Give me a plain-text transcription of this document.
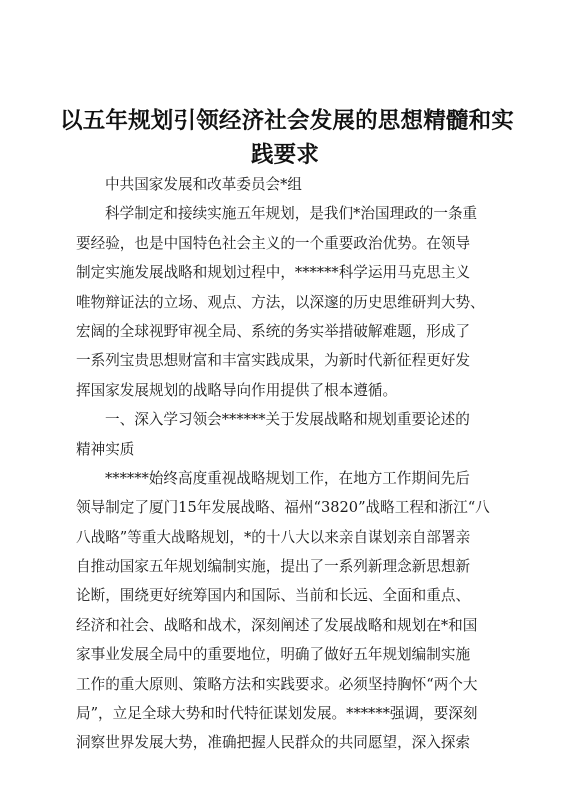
以五年规划引领经济社会发展的思想精髓和实
践要求
中共国家发展和改革委员会*组
科学制定和接续实施五年规划，是我们*治国理政的一条重
要经验，也是中国特色社会主义的一个重要政治优势。在领导
制定实施发展战略和规划过程中，******科学运用马克思主义
唯物辩证法的立场、观点、方法，以深邃的历史思维研判大势、
宏阔的全球视野审视全局、系统的务实举措破解难题，形成了
一系列宝贵思想财富和丰富实践成果，为新时代新征程更好发
挥国家发展规划的战略导向作用提供了根本遵循。
一、深入学习领会******关于发展战略和规划重要论述的
精神实质
******始终高度重视战略规划工作，在地方工作期间先后
领导制定了厦门15年发展战略、福州“3820”战略工程和浙江“八
八战略”等重大战略规划，*的十八大以来亲自谋划亲自部署亲
自推动国家五年规划编制实施，提出了一系列新理念新思想新
论断，围绕更好统筹国内和国际、当前和长远、全面和重点、
经济和社会、战略和战术，深刻阐述了发展战略和规划在*和国
家事业发展全局中的重要地位，明确了做好五年规划编制实施
工作的重大原则、策略方法和实践要求。必须坚持胸怀“两个大
局”，立足全球大势和时代特征谋划发展。******强调，要深刻
洞察世界发展大势，准确把握人民群众的共同愿望，深入探索
